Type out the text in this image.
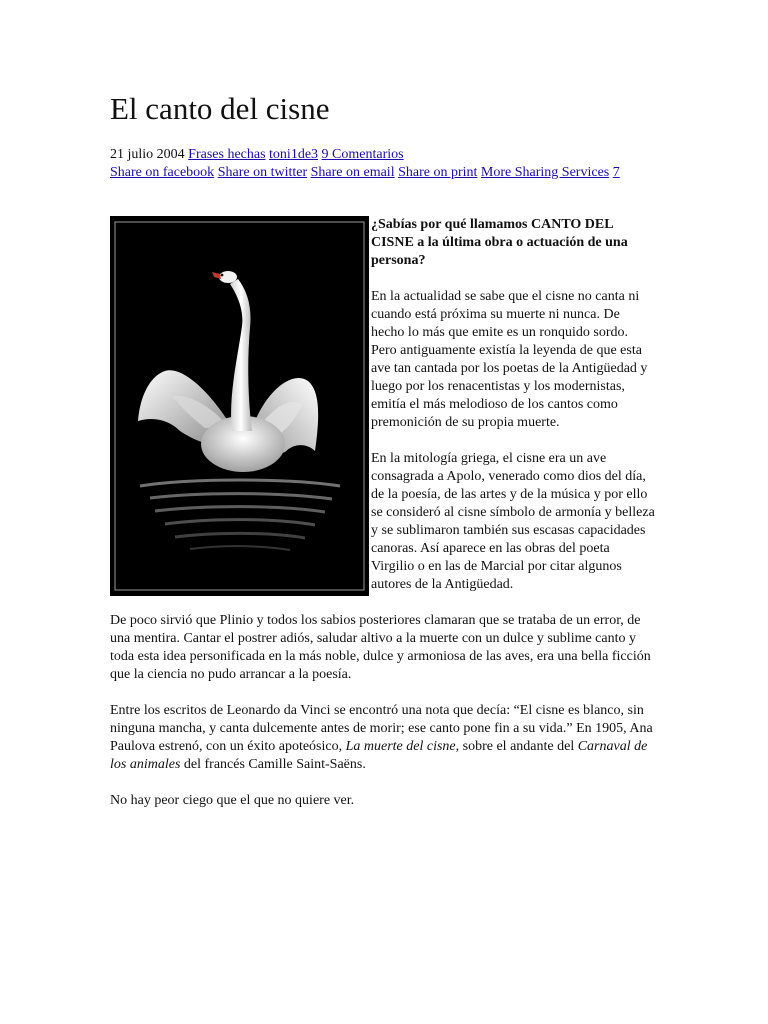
El canto del cisne
21 julio 2004 Frases hechas toni1de3 9 Comentarios
Share on facebook Share on twitter Share on email Share on print More Sharing Services 7

¿Sabías por qué llamamos CANTO DEL CISNE a la última obra o actuación de una persona?

En la actualidad se sabe que el cisne no canta ni cuando está próxima su muerte ni nunca. De hecho lo más que emite es un ronquido sordo. Pero antiguamente existía la leyenda de que esta ave tan cantada por los poetas de la Antigüedad y luego por los renacentistas y los modernistas, emitía el más melodioso de los cantos como premonición de su propia muerte.

En la mitología griega, el cisne era un ave consagrada a Apolo, venerado como dios del día, de la poesía, de las artes y de la música y por ello se consideró al cisne símbolo de armonía y belleza y se sublimaron también sus escasas capacidades canoras. Así aparece en las obras del poeta Virgilio o en las de Marcial por citar algunos autores de la Antigüedad.

De poco sirvió que Plinio y todos los sabios posteriores clamaran que se trataba de un error, de una mentira. Cantar el postrer adiós, saludar altivo a la muerte con un dulce y sublime canto y toda esta idea personificada en la más noble, dulce y armoniosa de las aves, era una bella ficción que la ciencia no pudo arrancar a la poesía.

Entre los escritos de Leonardo da Vinci se encontró una nota que decía: “El cisne es blanco, sin ninguna mancha, y canta dulcemente antes de morir; ese canto pone fin a su vida.” En 1905, Ana Paulova estrenó, con un éxito apoteósico, La muerte del cisne, sobre el andante del Carnaval de los animales del francés Camille Saint-Saëns.

No hay peor ciego que el que no quiere ver.
